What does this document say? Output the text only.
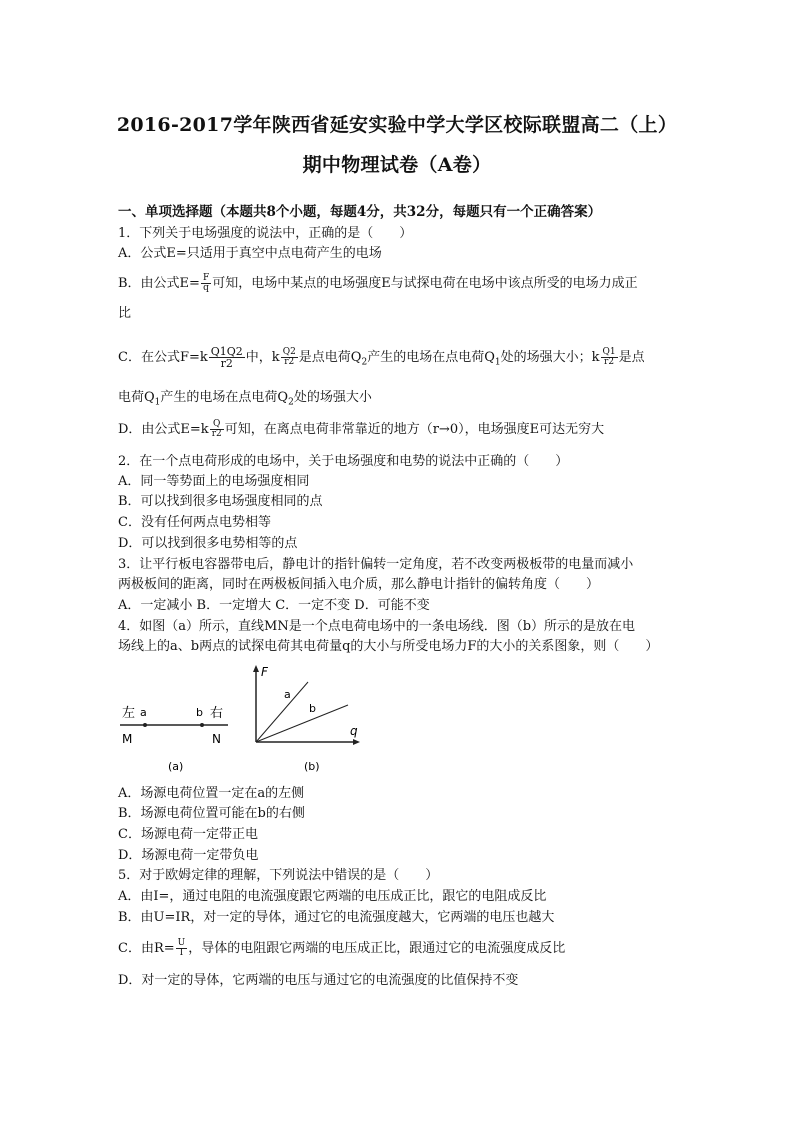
2016-2017学年陕西省延安实验中学大学区校际联盟高二（上）
期中物理试卷（A卷）
一、单项选择题（本题共8个小题，每题4分，共32分，每题只有一个正确答案）
1．下列关于电场强度的说法中，正确的是（　　）
A．公式E=只适用于真空中点电荷产生的电场
B．由公式$E= \frac{F}{q}$ 可知，电场中某点的电场强度E与试探电荷在电场中该点所受的电场力成正
比
C．在公式$F=k \frac{Q1Q2}{r2}$ 中，k $\frac{Q2}{r2}$ 是点电荷$Q_2$产生的电场在点电荷$Q_1$处的场强大小；k $\frac{Q1}{r2}$ 是点
电荷$Q_1$产生的电场在点电荷$Q_2$处的场强大小
D．由公式$E=k \frac{Q}{r2}$ 可知，在离点电荷非常靠近的地方（r→0），电场强度E可达无穷大
2．在一个点电荷形成的电场中，关于电场强度和电势的说法中正确的（　　）
A．同一等势面上的电场强度相同
B．可以找到很多电场强度相同的点
C．没有任何两点电势相等
D．可以找到很多电势相等的点
3．让平行板电容器带电后，静电计的指针偏转一定角度，若不改变两极板带的电量而减小
两极板间的距离，同时在两极板间插入电介质，那么静电计指针的偏转角度（　　）
A．一定减小 B．一定增大 C．一定不变 D．可能不变
4．如图（a）所示，直线MN是一个点电荷电场中的一条电场线．图（b）所示的是放在电
场线上的a、b两点的试探电荷其电荷量q的大小与所受电场力F的大小的关系图象，则（　　）
左 a	b 右
M	N
(a)
F
q
a
b
(b)
A．场源电荷位置一定在a的左侧
B．场源电荷位置可能在b的右侧
C．场源电荷一定带正电
D．场源电荷一定带负电
5．对于欧姆定律的理解，下列说法中错误的是（　　）
A．由I=，通过电阻的电流强度跟它两端的电压成正比，跟它的电阻成反比
B．由U=IR，对一定的导体，通过它的电流强度越大，它两端的电压也越大
C．由$R= \frac{U}{I}$ ，导体的电阻跟它两端的电压成正比，跟通过它的电流强度成反比
D．对一定的导体，它两端的电压与通过它的电流强度的比值保持不变
